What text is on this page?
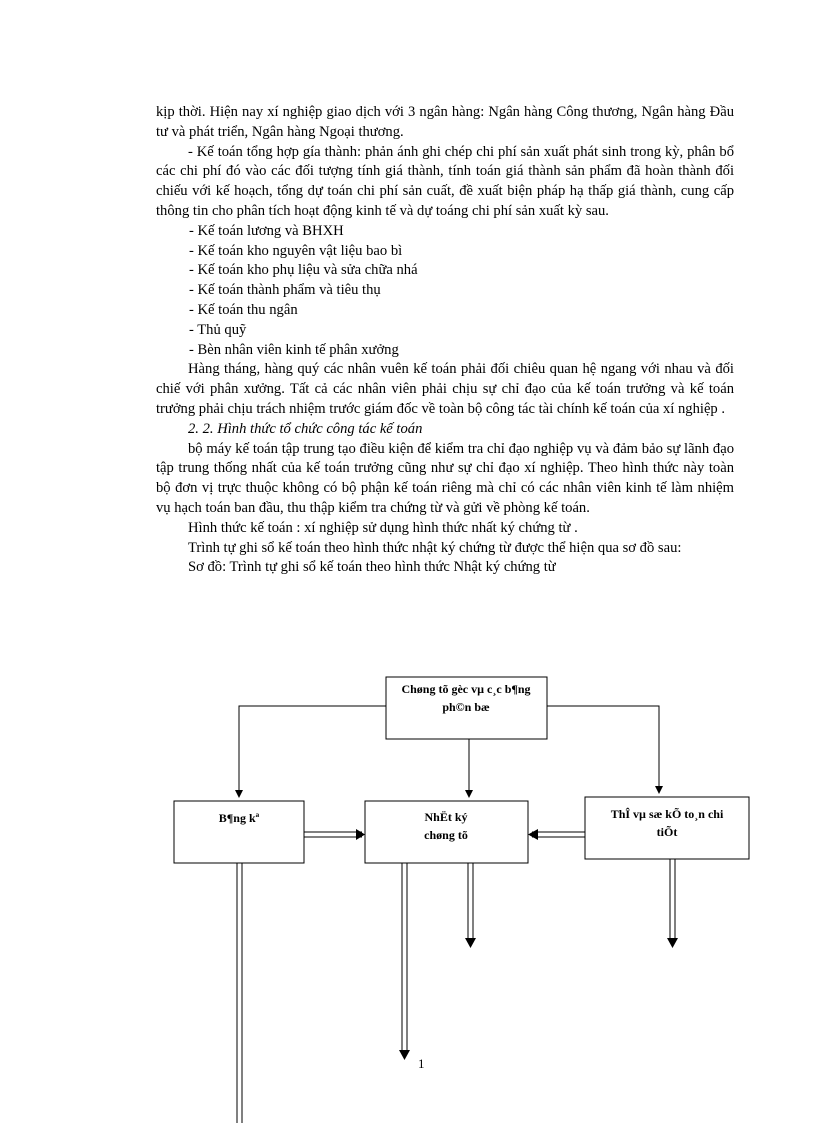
kịp thời. Hiện nay xí nghiệp giao dịch với 3 ngân hàng: Ngân hàng Công thương, Ngân hàng Đầu tư và phát triển, Ngân hàng Ngoại thương.

- Kế toán tổng hợp gía thành: phản ánh ghi chép chi phí sản xuất phát sinh trong kỳ, phân bổ các chi phí đó vào các đối tượng tính giá thành, tính toán giá thành sản phẩm đã hoàn thành đối chiếu với kế hoạch, tổng dự toán chi phí sản cuất, đề xuất biện pháp hạ thấp giá thành, cung cấp thông tin cho phân tích hoạt động kinh tế và dự toáng chi phí sản xuất kỳ sau.

- Kế toán lương và BHXH

- Kế toán kho nguyên vật liệu bao bì

- Kế toán kho phụ liệu và sửa chữa nhá

- Kế toán thành phẩm và tiêu thụ

- Kế toán thu ngân

- Thủ quỹ

- Bèn nhân viên kinh tế phân xưởng

Hàng tháng, hàng quý các nhân vuên kế toán phải đối chiêu quan hệ ngang với nhau và đối chiế với phân xưởng. Tất cả các nhân viên phải chịu sự chỉ đạo của kế toán trưởng và kế toán trưởng phải chịu trách nhiệm trước giám đốc về toàn bộ công tác tài chính kế toán của xí nghiệp .

2. 2. Hình thức tổ chức công tác kế toán

bộ máy kế toán tập trung tạo điều kiện để kiểm tra chỉ đạo nghiệp vụ và đảm bảo sự lãnh đạo tập trung thống nhất của kế toán trưởng cũng như sự chỉ đạo xí nghiệp. Theo hình thức này toàn bộ đơn vị trực thuộc không có bộ phận kế toán riêng mà chỉ có các nhân viên kinh tế làm nhiệm vụ hạch toán ban đầu, thu thập kiểm tra chứng từ và gửi về phòng kế toán.

Hình thức kế toán : xí nghiệp sử dụng hình thức nhất ký chứng từ .

Trình tự ghi sổ kế toán theo hình thức nhật ký chứng từ được thể hiện qua sơ đồ sau:

Sơ đồ: Trình tự ghi sổ kế toán theo hình thức Nhật ký chứng từ

Chøng tõ gèc vµ c¸c b¶ng
ph©n bæ
B¶ng kª	NhËt ký
chøng tõ
ThÎ vµ sæ kÕ to¸n chi
tiÕt
1
